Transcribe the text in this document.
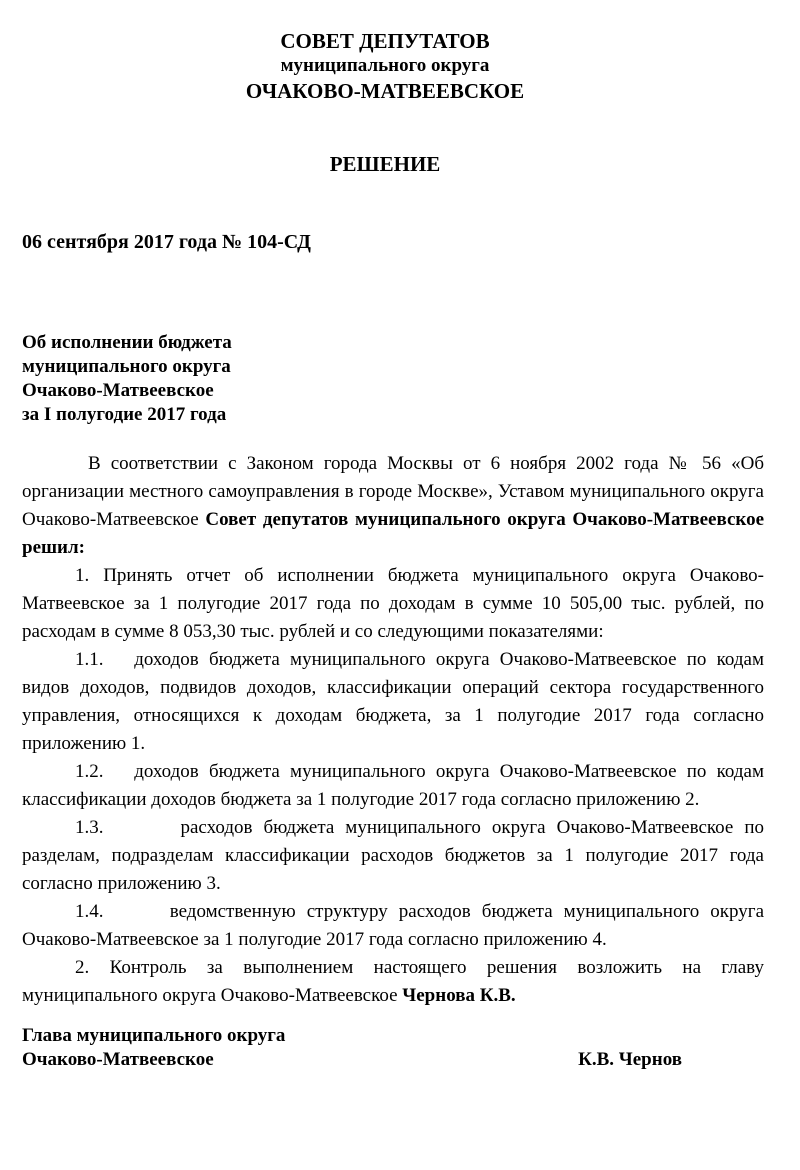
СОВЕТ ДЕПУТАТОВ
муниципального округа
ОЧАКОВО-МАТВЕЕВСКОЕ
РЕШЕНИЕ
06 сентября 2017 года № 104-СД
Об исполнении бюджета
муниципального округа
Очаково-Матвеевское
за I полугодие 2017 года

В соответствии с Законом города Москвы от 6 ноября 2002 года № 56 «Об организации местного самоуправления в городе Москве», Уставом муниципального округа Очаково-Матвеевское Совет депутатов муниципального округа Очаково-Матвеевское решил:

1. Принять отчет об исполнении бюджета муниципального округа Очаково-Матвеевское за 1 полугодие 2017 года по доходам в сумме 10 505,00 тыс. рублей, по расходам в сумме 8 053,30 тыс. рублей и со следующими показателями:

1.1. доходов бюджета муниципального округа Очаково-Матвеевское по кодам видов доходов, подвидов доходов, классификации операций сектора государственного управления, относящихся к доходам бюджета, за 1 полугодие 2017 года согласно приложению 1.

1.2. доходов бюджета муниципального округа Очаково-Матвеевское по кодам классификации доходов бюджета за 1 полугодие 2017 года согласно приложению 2.

1.3.	расходов бюджета муниципального округа Очаково-Матвеевское по разделам, подразделам классификации расходов бюджетов за 1 полугодие 2017 года согласно приложению 3.

1.4.	ведомственную структуру расходов бюджета муниципального округа Очаково-Матвеевское за 1 полугодие 2017 года согласно приложению 4.

2. Контроль за выполнением настоящего решения возложить на главу муниципального округа Очаково-Матвеевское Чернова К.В.

Глава муниципального округа
Очаково-Матвеевское	К.В. Чернов
